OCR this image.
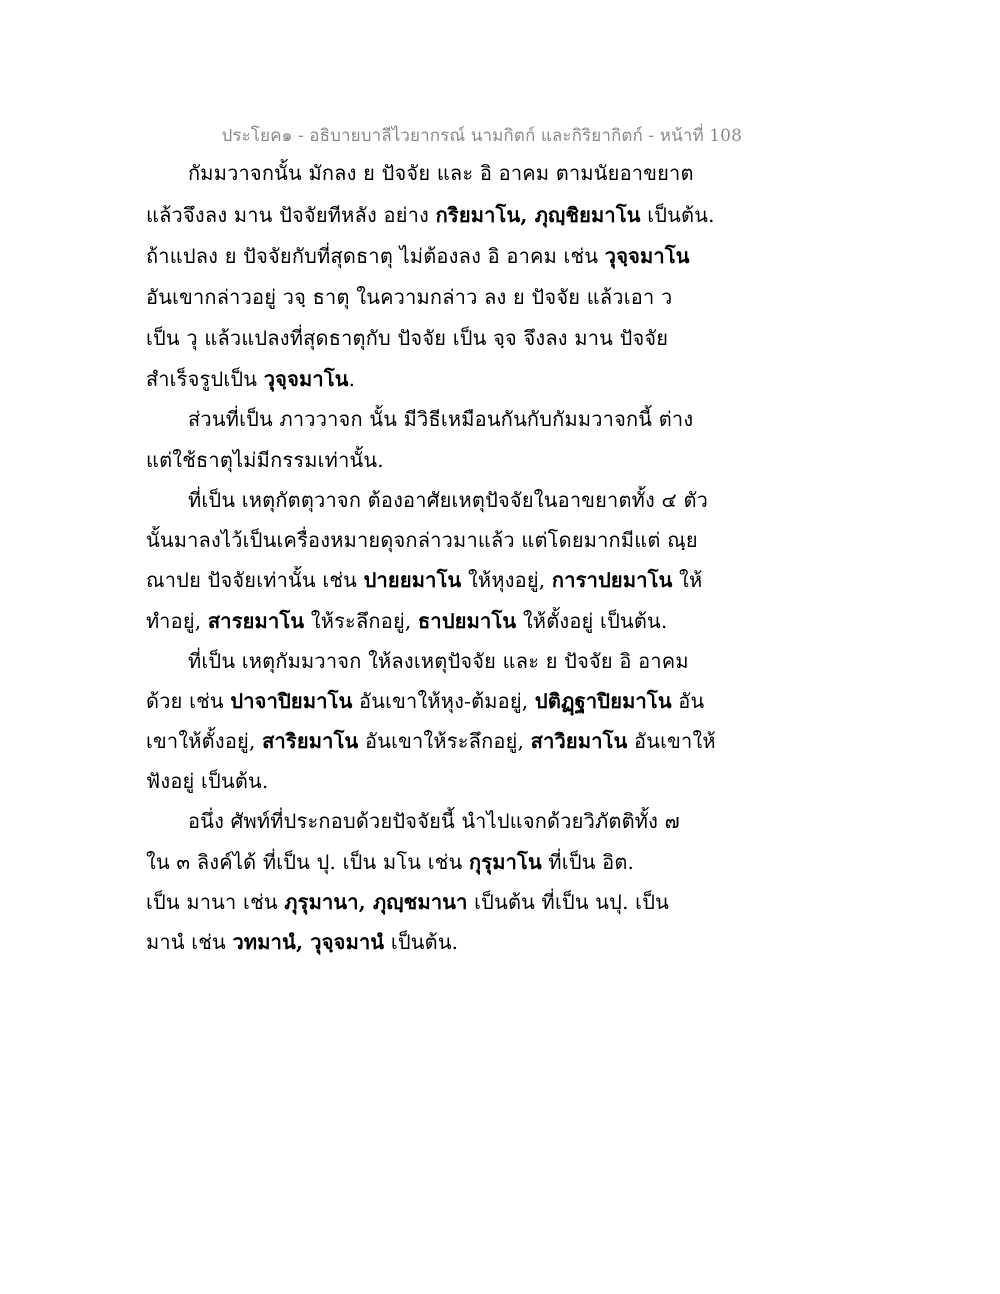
ประโยค๑ - อธิบายบาลีไวยากรณ์ นามกิตก์ และกิริยากิตก์ - หน้าที่ 108
กัมมวาจกนั้น มักลง ย ปัจจัย และ อิ อาคม ตามนัยอาขยาต
แล้วจึงลง มาน ปัจจัยทีหลัง อย่าง กริยมาโน, ภุญฺชิยมาโน เป็นต้น.
ถ้าแปลง ย ปัจจัยกับที่สุดธาตุ ไม่ต้องลง อิ อาคม เช่น วุจฺจมาโน
อันเขากล่าวอยู่ วจฺ ธาตุ ในความกล่าว ลง ย ปัจจัย แล้วเอา ว
เป็น วุ แล้วแปลงที่สุดธาตุกับ ปัจจัย เป็น จฺจ จึงลง มาน ปัจจัย
สำเร็จรูปเป็น วุจฺจมาโน.
ส่วนที่เป็น ภาววาจก นั้น มีวิธีเหมือนกันกับกัมมวาจกนี้ ต่าง
แต่ใช้ธาตุไม่มีกรรมเท่านั้น.
ที่เป็น เหตุกัตตุวาจก ต้องอาศัยเหตุปัจจัยในอาขยาตทั้ง ๔ ตัว
นั้นมาลงไว้เป็นเครื่องหมายดุจกล่าวมาแล้ว แต่โดยมากมีแต่ ณฺย
ณาปย ปัจจัยเท่านั้น เช่น ปายยมาโน ให้หุงอยู่, การาปยมาโน ให้
ทำอยู่, สารยมาโน ให้ระลึกอยู่, ธาปยมาโน ให้ตั้งอยู่ เป็นต้น.
ที่เป็น เหตุกัมมวาจก ให้ลงเหตุปัจจัย และ ย ปัจจัย อิ อาคม
ด้วย เช่น ปาจาปิยมาโน อันเขาให้หุง-ต้มอยู่, ปติฏฺฐาปิยมาโน อัน
เขาให้ตั้งอยู่, สาริยมาโน อันเขาให้ระลึกอยู่, สาวิยมาโน อันเขาให้
ฟังอยู่ เป็นต้น.
อนึ่ง ศัพท์ที่ประกอบด้วยปัจจัยนี้ นำไปแจกด้วยวิภัตติทั้ง ๗
ใน ๓ ลิงค์ได้ ที่เป็น ปุ. เป็น มโน เช่น กุรุมาโน ที่เป็น อิต.
เป็น มานา เช่น ภุรุมานา, ภุญฺชมานา เป็นต้น ที่เป็น นปุ. เป็น
มานํ เช่น วทมานํ, วุจฺจมานํ เป็นต้น.
